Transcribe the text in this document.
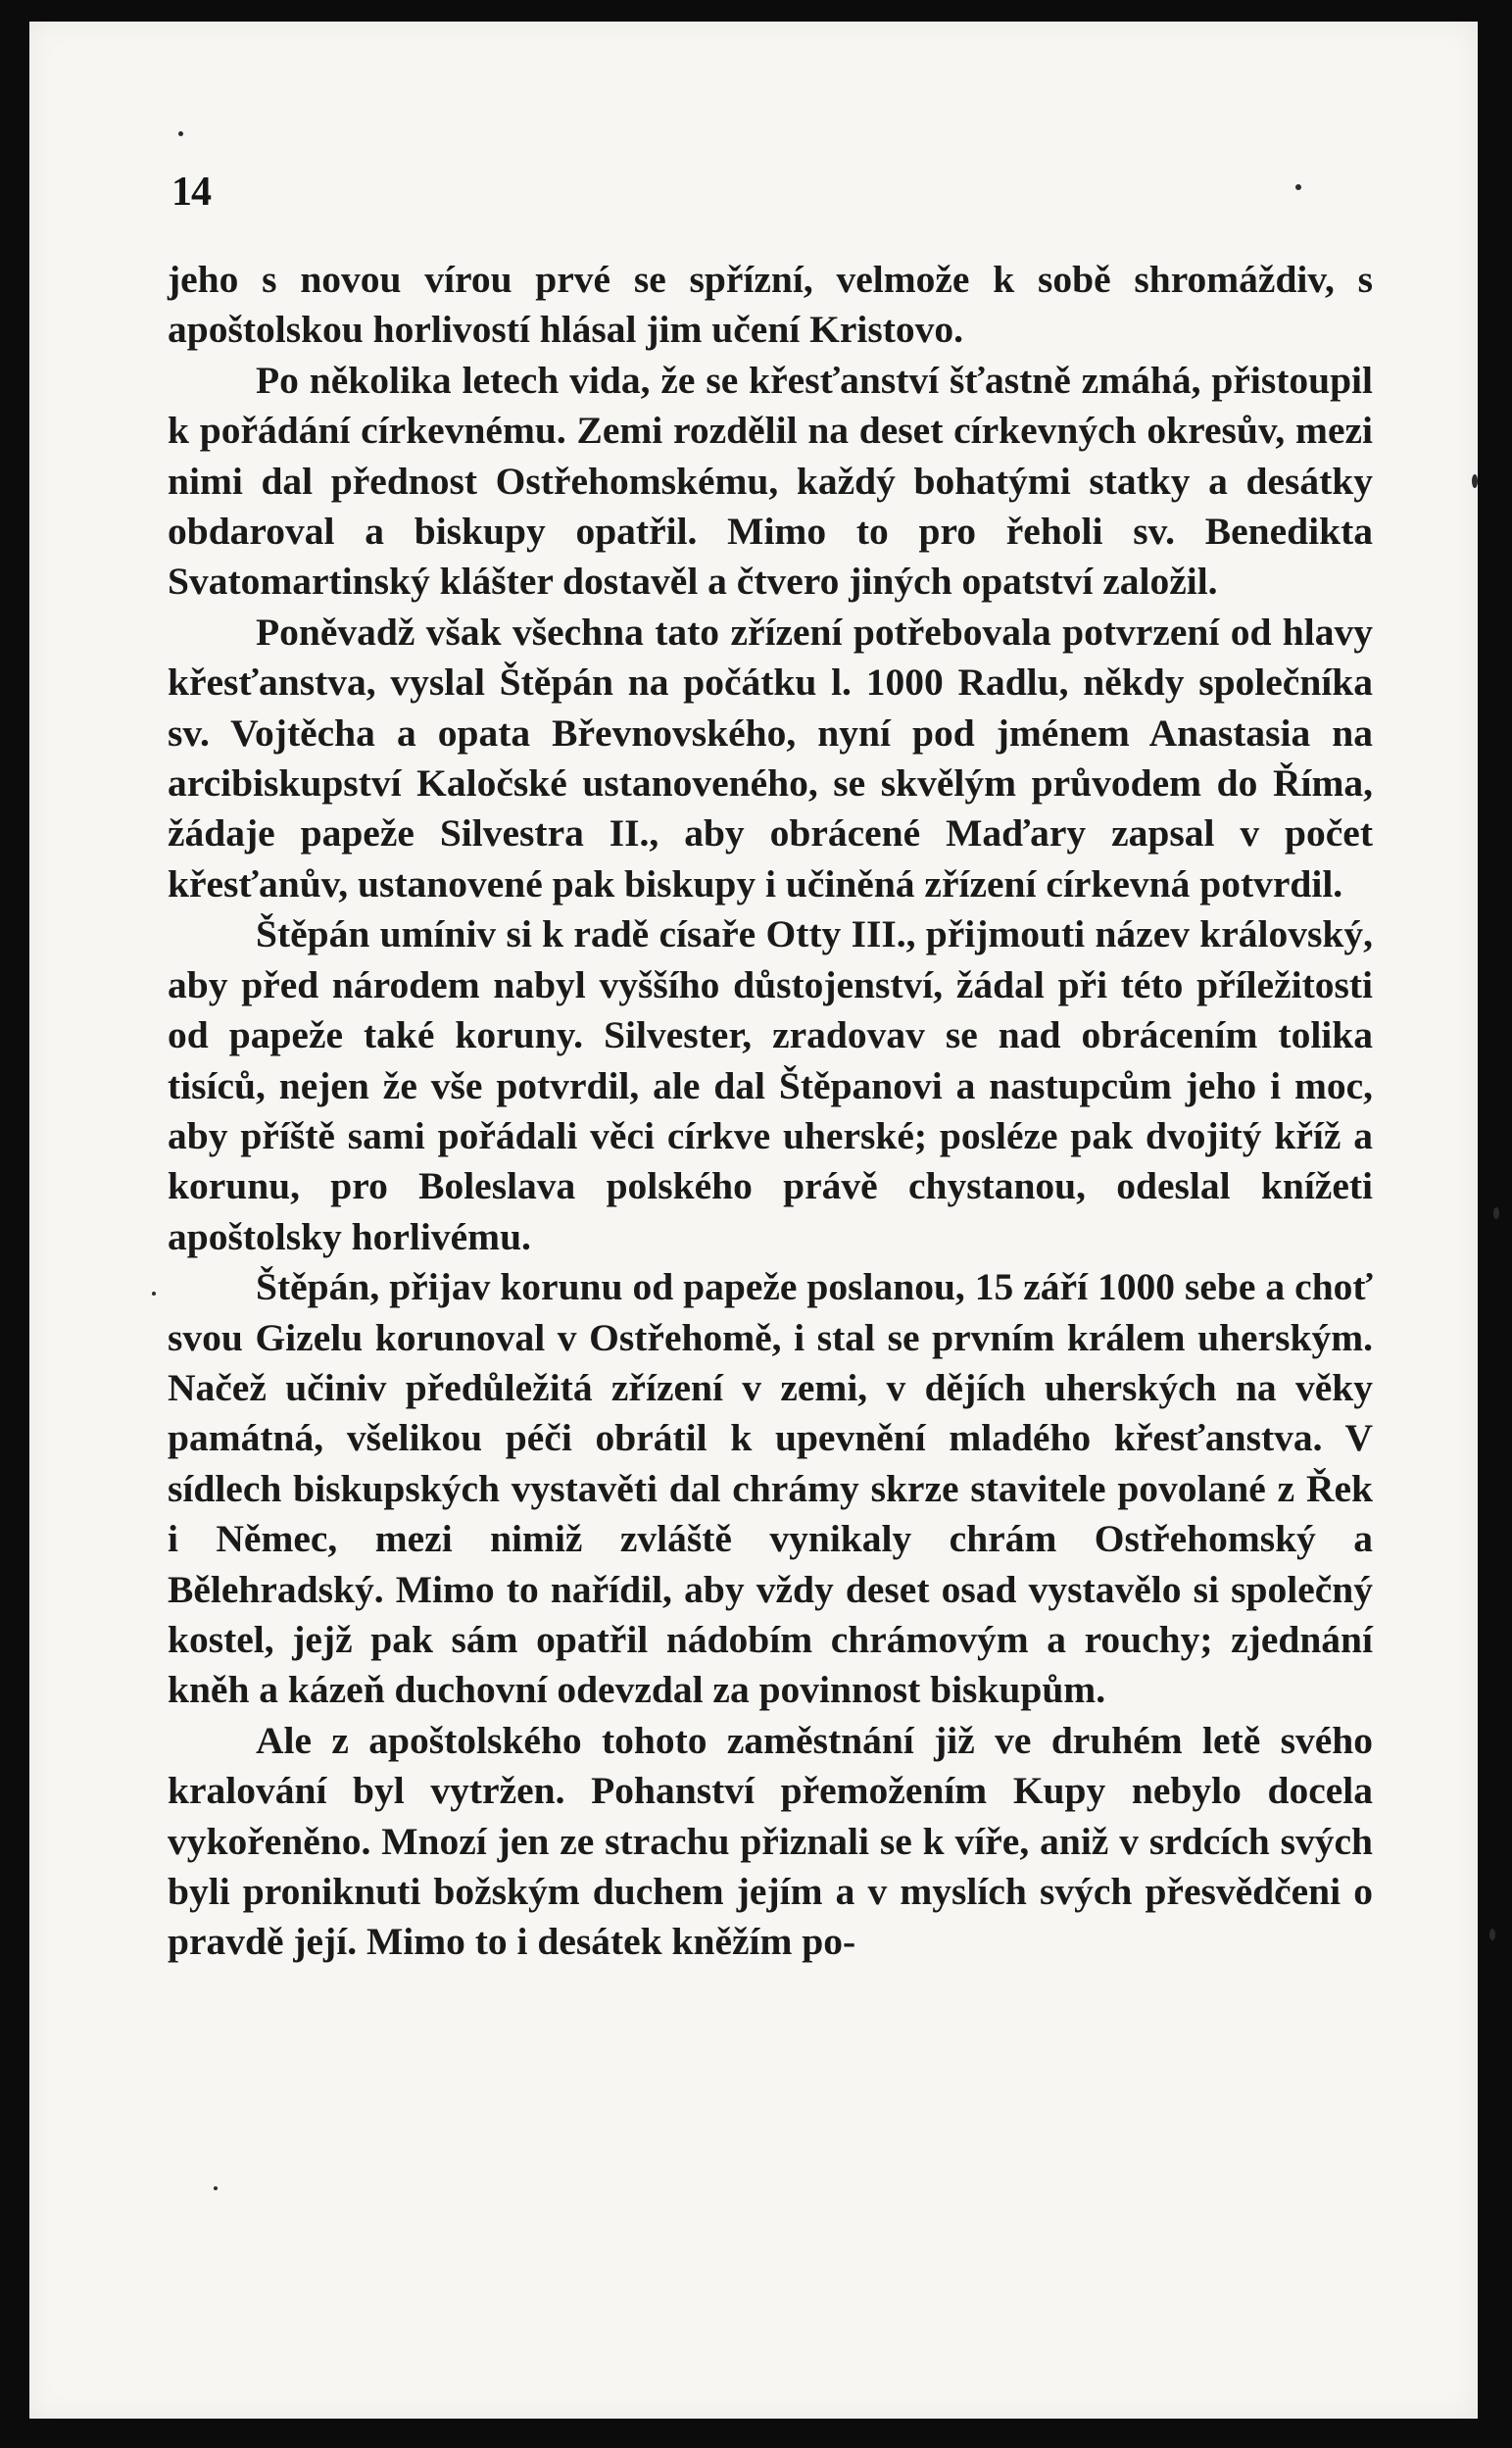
14

jeho s novou vírou prvé se spřízní, velmože k sobě shromáždiv, s apoštolskou horlivostí hlásal jim učení Kristovo.

Po několika letech vida, že se křesťanství šťastně zmáhá, přistoupil k pořádání církevnému. Zemi rozdělil na deset církevných okresův, mezi nimi dal přednost Ostřehomskému, každý bohatými statky a desátky obdaroval a biskupy opatřil. Mimo to pro řeholi sv. Benedikta Svatomartinský klášter dostavěl a čtvero jiných opatství založil.

Poněvadž však všechna tato zřízení potřebovala potvrzení od hlavy křesťanstva, vyslal Štěpán na počátku l. 1000 Radlu, někdy společníka sv. Vojtěcha a opata Břevnovského, nyní pod jménem Anastasia na arcibiskupství Kaločské ustanoveného, se skvělým průvodem do Říma, žádaje papeže Silvestra II., aby obrácené Maďary zapsal v počet křesťanův, ustanovené pak biskupy i učiněná zřízení církevná potvrdil.

Štěpán umíniv si k radě císaře Otty III., přijmouti název královský, aby před národem nabyl vyššího důstojenství, žádal při této příležitosti od papeže také koruny. Silvester, zradovav se nad obrácením tolika tisíců, nejen že vše potvrdil, ale dal Štěpanovi a nastupcům jeho i moc, aby příště sami pořádali věci církve uherské; posléze pak dvojitý kříž a korunu, pro Boleslava polského právě chystanou, odeslal knížeti apoštolsky horlivému.

Štěpán, přijav korunu od papeže poslanou, 15 září 1000 sebe a choť svou Gizelu korunoval v Ostřehomě, i stal se prvním králem uherským. Načež učiniv předůležitá zřízení v zemi, v dějích uherských na věky památná, všelikou péči obrátil k upevnění mladého křesťanstva. V sídlech biskupských vystavěti dal chrámy skrze stavitele povolané z Řek i Němec, mezi nimiž zvláště vynikaly chrám Ostřehomský a Bělehradský. Mimo to nařídil, aby vždy deset osad vystavělo si společný kostel, jejž pak sám opatřil nádobím chrámovým a rouchy; zjednání kněh a kázeň duchovní odevzdal za povinnost biskupům.

Ale z apoštolského tohoto zaměstnání již ve druhém letě svého kralování byl vytržen. Pohanství přemožením Kupy nebylo docela vykořeněno. Mnozí jen ze strachu přiznali se k víře, aniž v srdcích svých byli proniknuti božským duchem jejím a v myslích svých přesvědčeni o pravdě její. Mimo to i desátek kněžím po-
